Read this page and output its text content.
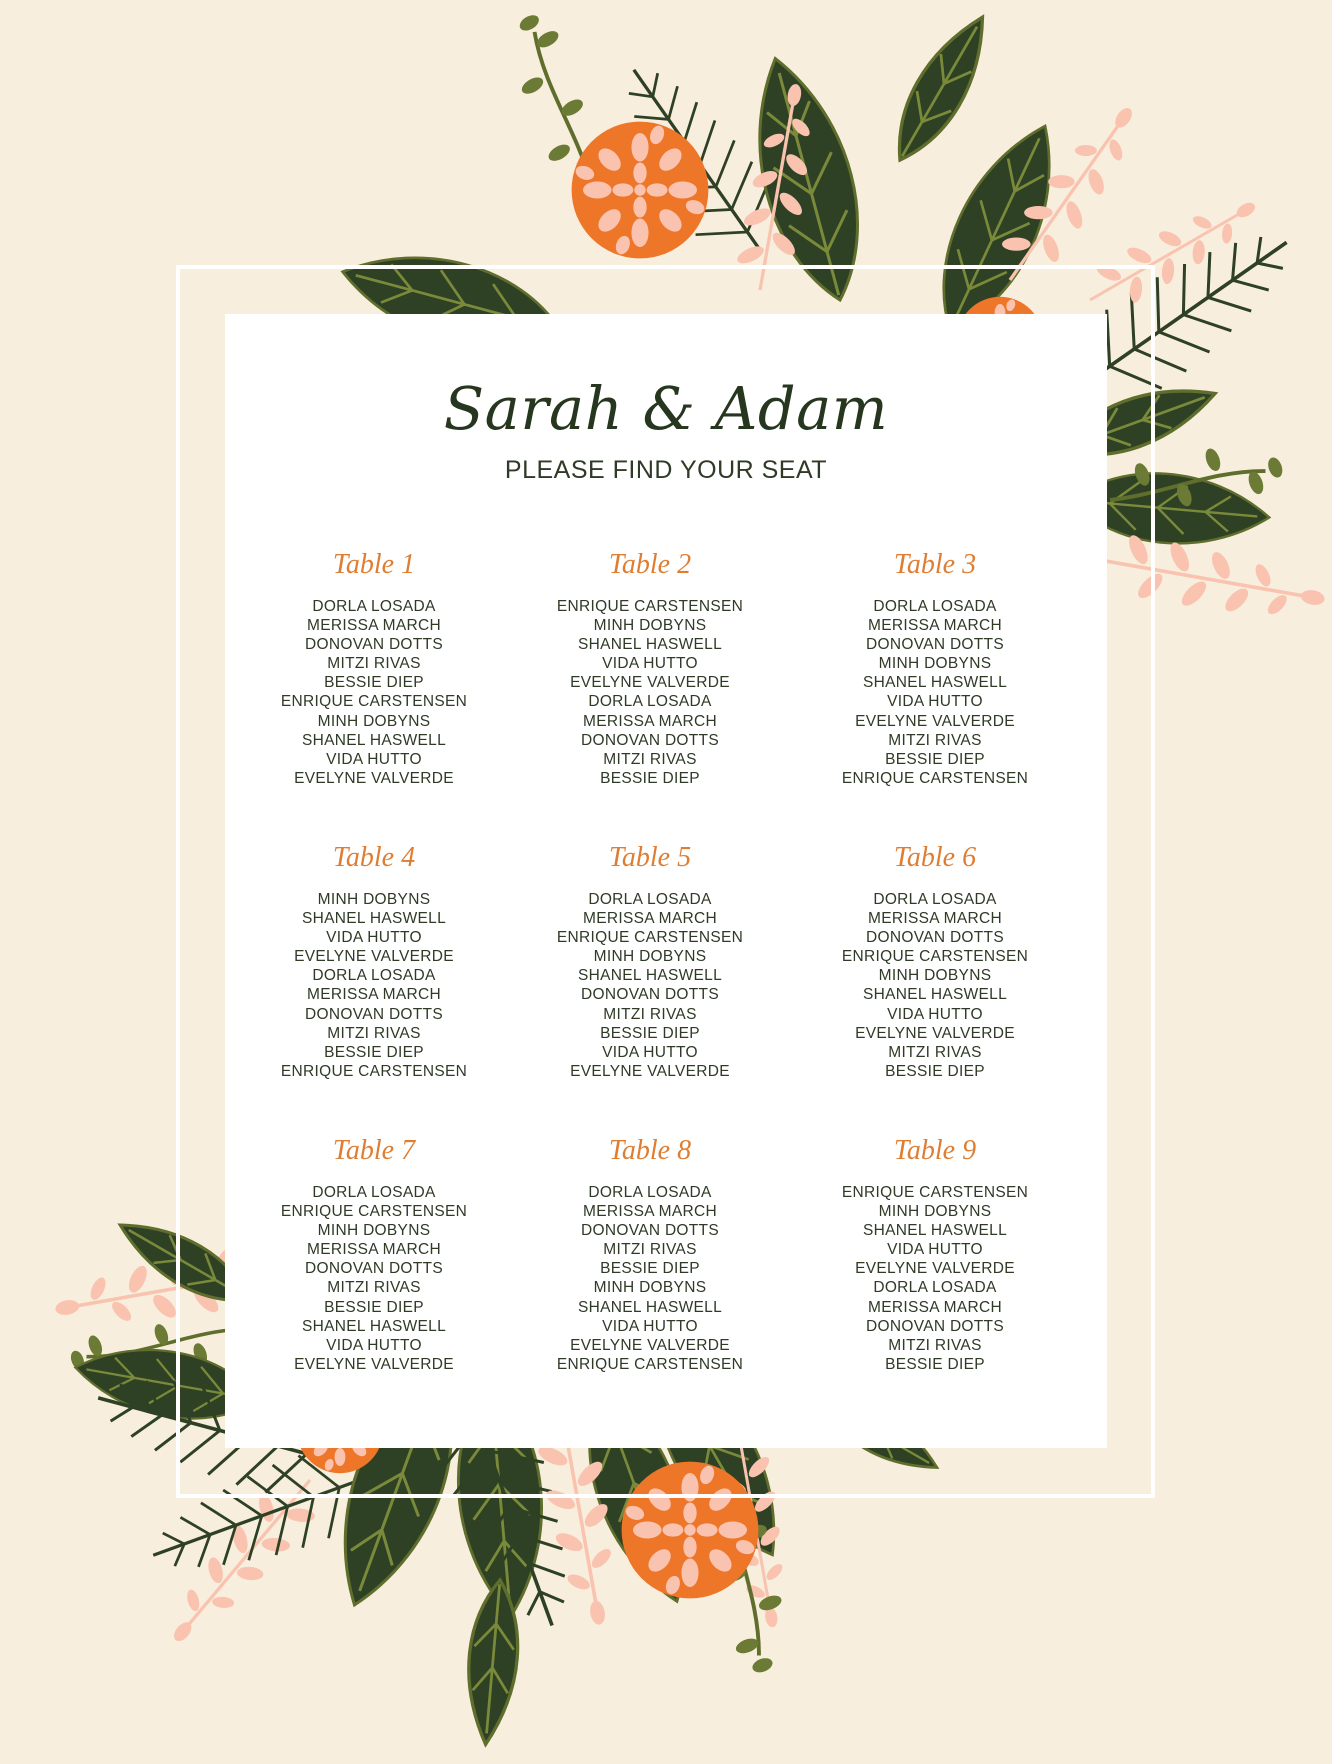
Sarah & Adam
PLEASE FIND YOUR SEAT
Table 1
DORLA LOSADA
MERISSA MARCH
DONOVAN DOTTS
MITZI RIVAS
BESSIE DIEP
ENRIQUE CARSTENSEN
MINH DOBYNS
SHANEL HASWELL
VIDA HUTTO
EVELYNE VALVERDE
Table 2
ENRIQUE CARSTENSEN
MINH DOBYNS
SHANEL HASWELL
VIDA HUTTO
EVELYNE VALVERDE
DORLA LOSADA
MERISSA MARCH
DONOVAN DOTTS
MITZI RIVAS
BESSIE DIEP
Table 3
DORLA LOSADA
MERISSA MARCH
DONOVAN DOTTS
MINH DOBYNS
SHANEL HASWELL
VIDA HUTTO
EVELYNE VALVERDE
MITZI RIVAS
BESSIE DIEP
ENRIQUE CARSTENSEN
Table 4
MINH DOBYNS
SHANEL HASWELL
VIDA HUTTO
EVELYNE VALVERDE
DORLA LOSADA
MERISSA MARCH
DONOVAN DOTTS
MITZI RIVAS
BESSIE DIEP
ENRIQUE CARSTENSEN
Table 5
DORLA LOSADA
MERISSA MARCH
ENRIQUE CARSTENSEN
MINH DOBYNS
SHANEL HASWELL
DONOVAN DOTTS
MITZI RIVAS
BESSIE DIEP
VIDA HUTTO
EVELYNE VALVERDE
Table 6
DORLA LOSADA
MERISSA MARCH
DONOVAN DOTTS
ENRIQUE CARSTENSEN
MINH DOBYNS
SHANEL HASWELL
VIDA HUTTO
EVELYNE VALVERDE
MITZI RIVAS
BESSIE DIEP
Table 7
DORLA LOSADA
ENRIQUE CARSTENSEN
MINH DOBYNS
MERISSA MARCH
DONOVAN DOTTS
MITZI RIVAS
BESSIE DIEP
SHANEL HASWELL
VIDA HUTTO
EVELYNE VALVERDE
Table 8
DORLA LOSADA
MERISSA MARCH
DONOVAN DOTTS
MITZI RIVAS
BESSIE DIEP
MINH DOBYNS
SHANEL HASWELL
VIDA HUTTO
EVELYNE VALVERDE
ENRIQUE CARSTENSEN
Table 9
ENRIQUE CARSTENSEN
MINH DOBYNS
SHANEL HASWELL
VIDA HUTTO
EVELYNE VALVERDE
DORLA LOSADA
MERISSA MARCH
DONOVAN DOTTS
MITZI RIVAS
BESSIE DIEP
